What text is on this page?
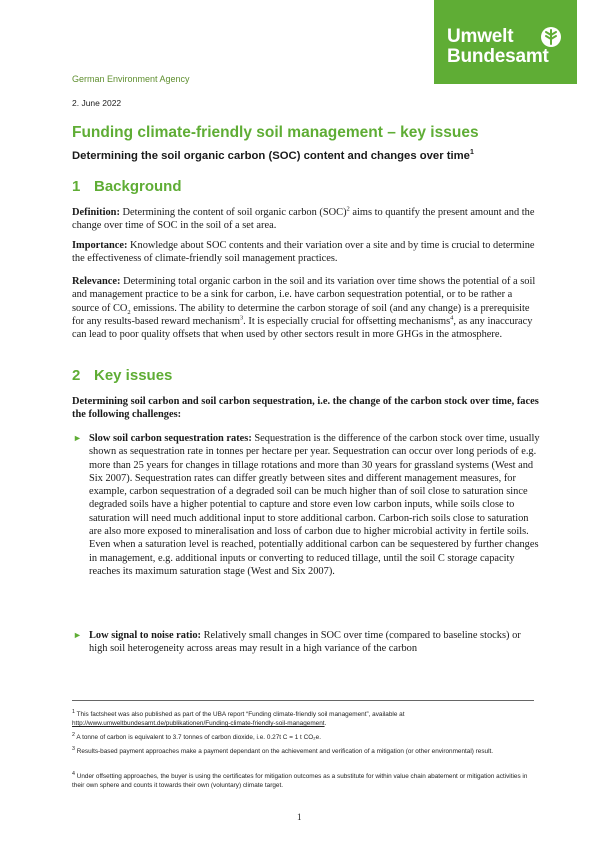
Umwelt
Bundesamt
German Environment Agency
2. June 2022
Funding climate-friendly soil management – key issues
Determining the soil organic carbon (SOC) content and changes over time$^1$
1 Background

Definition: Determining the content of soil organic carbon (SOC)$^2$ aims to quantify the present amount and the change over time of SOC in the soil of a set area.

Importance: Knowledge about SOC contents and their variation over a site and by time is crucial to determine the effectiveness of climate-friendly soil management practices.

Relevance: Determining total organic carbon in the soil and its variation over time shows the potential of a soil and management practice to be a sink for carbon, i.e. have carbon sequestration potential, or to be rather a source of $CO_2$ emissions. The ability to determine the carbon storage of soil (and any change) is a prerequisite for any results-based reward mechanism$^3$. It is especially crucial for offsetting mechanisms$^4$, as any inaccuracy can lead to poor quality offsets that when used by other sectors result in more GHGs in the atmosphere.

2 Key issues

Determining soil carbon and soil carbon sequestration, i.e. the change of the carbon stock over time, faces the following challenges:

► Slow soil carbon sequestration rates: Sequestration is the difference of the carbon stock over time, usually shown as sequestration rate in tonnes per hectare per year. Sequestration can occur over long periods of e.g. more than 25 years for changes in tillage rotations and more than 30 years for grassland systems (West and Six 2007). Sequestration rates can differ greatly between sites and different management measures, for example, carbon sequestration of a degraded soil can be much higher than of soil close to saturation since degraded soils have a higher potential to capture and store even low carbon inputs, while soils close to saturation will need much additional input to store additional carbon. Carbon-rich soils close to saturation are also more exposed to mineralisation and loss of carbon due to higher microbial activity in fertile soils. Even when a saturation level is reached, potentially additional carbon can be sequestered by further changes in management, e.g. additional inputs or converting to reduced tillage, until the soil C storage capacity reaches its maximum saturation stage (West and Six 2007).

► Low signal to noise ratio: Relatively small changes in SOC over time (compared to baseline stocks) or high soil heterogeneity across areas may result in a high variance of the carbon

$^1$ This factsheet was also published as part of the UBA report “Funding climate-friendly soil management”, available at http://www.umweltbundesamt.de/publikationen/Funding-climate-friendly-soil-management.

$^2$ A tonne of carbon is equivalent to 3.7 tonnes of carbon dioxide, i.e. 0.27t C = 1 t CO₂e.

$^3$ Results-based payment approaches make a payment dependant on the achievement and verification of a mitigation (or other environmental) result.

$^4$ Under offsetting approaches, the buyer is using the certificates for mitigation outcomes as a substitute for within value chain abatement or mitigation activities in their own sphere and counts it towards their own (voluntary) climate target.

1
